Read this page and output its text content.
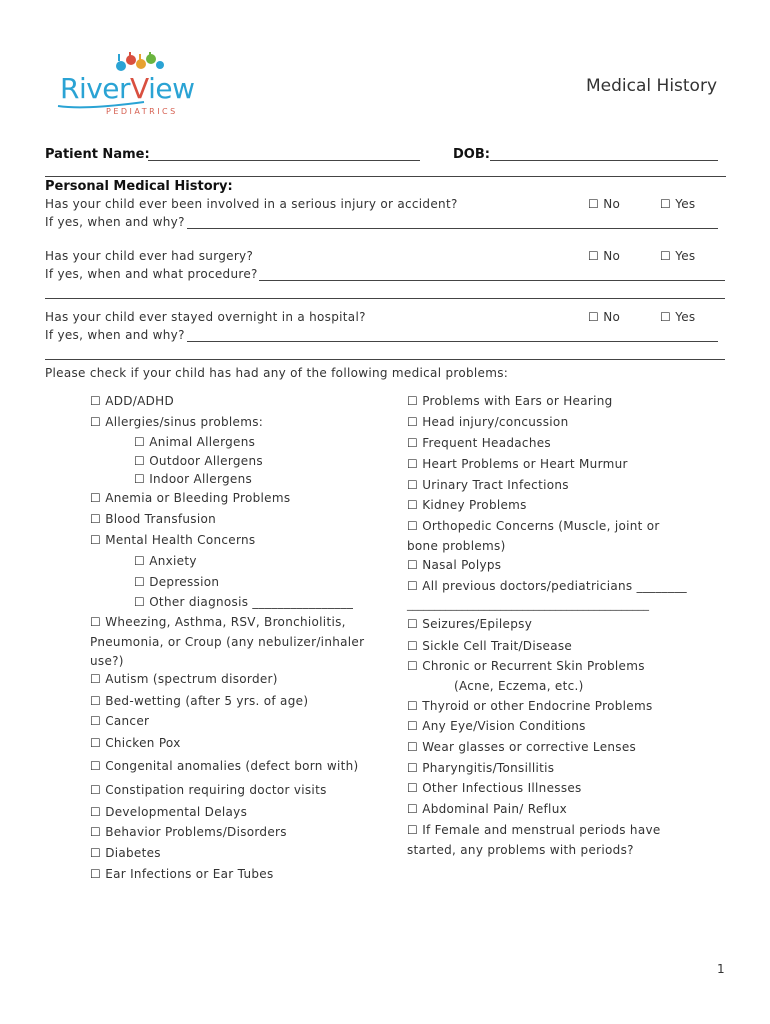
RiverView
PEDIATRICS
Medical History
Patient Name:	DOB:
Personal Medical History:
Has your child ever been involved in a serious injury or accident? ☐	No ☐	Yes
If yes, when and why?
Has your child ever had surgery? ☐	No ☐	Yes
If yes, when and what procedure?
Has your child ever stayed overnight in a hospital? ☐	No ☐	Yes
If yes, when and why?
Please check if your child has had any of the following medical problems:
☐ ADD/ADHD
☐ Allergies/sinus problems:
☐ Animal Allergens
☐ Outdoor Allergens
☐ Indoor Allergens
☐ Anemia or Bleeding Problems
☐ Blood Transfusion
☐ Mental Health Concerns
☐ Anxiety
☐ Depression
☐ Other diagnosis ________________
☐ Wheezing, Asthma, RSV, Bronchiolitis,
Pneumonia, or Croup (any nebulizer/inhaler
use?)
☐ Autism (spectrum disorder)
☐ Bed-wetting (after 5 yrs. of age)
☐ Cancer
☐ Chicken Pox
☐ Congenital anomalies (defect born with)
☐ Constipation requiring doctor visits
☐ Developmental Delays
☐ Behavior Problems/Disorders
☐ Diabetes
☐ Ear Infections or Ear Tubes
☐ Problems with Ears or Hearing
☐ Head injury/concussion
☐ Frequent Headaches
☐ Heart Problems or Heart Murmur
☐ Urinary Tract Infections
☐ Kidney Problems
☐ Orthopedic Concerns (Muscle, joint or
bone problems)
☐ Nasal Polyps
☐ All previous doctors/pediatricians ________
____________________________________________
☐ Seizures/Epilepsy
☐ Sickle Cell Trait/Disease
☐ Chronic or Recurrent Skin Problems
(Acne, Eczema, etc.)
☐ Thyroid or other Endocrine Problems
☐ Any Eye/Vision Conditions
☐ Wear glasses or corrective Lenses
☐ Pharyngitis/Tonsillitis
☐ Other Infectious Illnesses
☐ Abdominal Pain/ Reflux
☐ If Female and menstrual periods have
started, any problems with periods?
1
